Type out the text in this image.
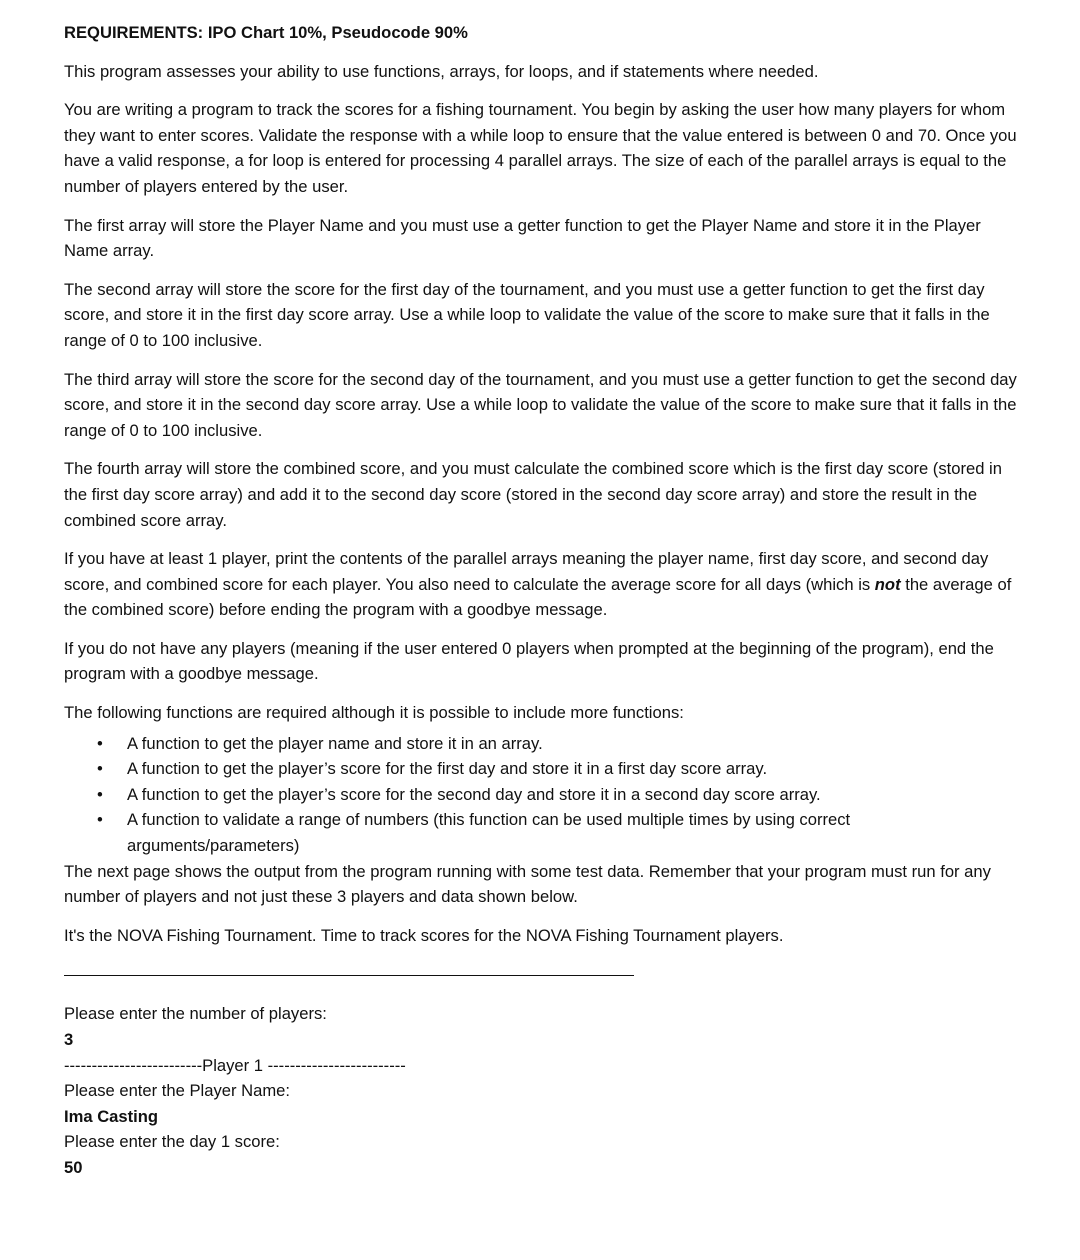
REQUIREMENTS: IPO Chart 10%, Pseudocode 90%

This program assesses your ability to use functions, arrays, for loops, and if statements where needed.

You are writing a program to track the scores for a fishing tournament. You begin by asking the user how many players for whom they want to enter scores. Validate the response with a while loop to ensure that the value entered is between 0 and 70. Once you have a valid response, a for loop is entered for processing 4 parallel arrays. The size of each of the parallel arrays is equal to the number of players entered by the user.

The first array will store the Player Name and you must use a getter function to get the Player Name and store it in the Player Name array.

The second array will store the score for the first day of the tournament, and you must use a getter function to get the first day score, and store it in the first day score array. Use a while loop to validate the value of the score to make sure that it falls in the range of 0 to 100 inclusive.

The third array will store the score for the second day of the tournament, and you must use a getter function to get the second day score, and store it in the second day score array. Use a while loop to validate the value of the score to make sure that it falls in the range of 0 to 100 inclusive.

The fourth array will store the combined score, and you must calculate the combined score which is the first day score (stored in the first day score array) and add it to the second day score (stored in the second day score array) and store the result in the combined score array.

If you have at least 1 player, print the contents of the parallel arrays meaning the player name, first day score, and second day score, and combined score for each player. You also need to calculate the average score for all days (which is not the average of the combined score) before ending the program with a goodbye message.

If you do not have any players (meaning if the user entered 0 players when prompted at the beginning of the program), end the program with a goodbye message.

The following functions are required although it is possible to include more functions:

• A function to get the player name and store it in an array.
• A function to get the player’s score for the first day and store it in a first day score array.
• A function to get the player’s score for the second day and store it in a second day score array.
• A function to validate a range of numbers (this function can be used multiple times by using correct arguments/parameters)

The next page shows the output from the program running with some test data. Remember that your program must run for any number of players and not just these 3 players and data shown below.

It's the NOVA Fishing Tournament. Time to track scores for the NOVA Fishing Tournament players.

Please enter the number of players:
3
-------------------------Player 1 -------------------------
Please enter the Player Name:
Ima Casting
Please enter the day 1 score:
50
